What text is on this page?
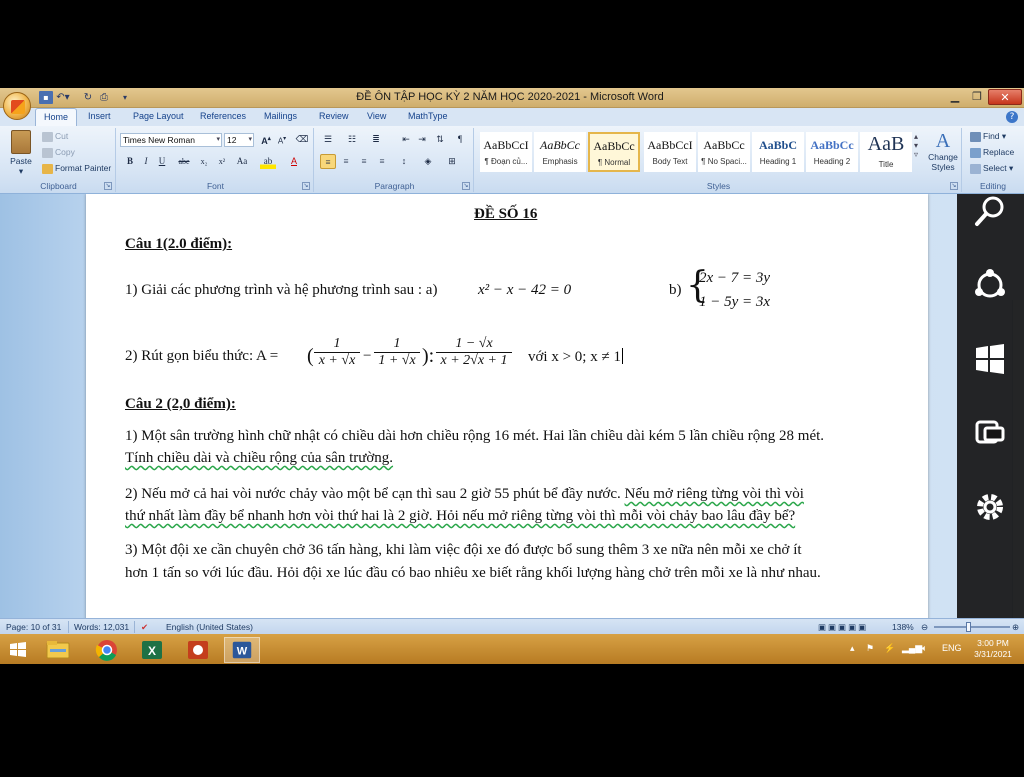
▪ ↶▾ ↻ ⎙	▾	ĐỀ ÔN TẬP HỌC KỲ 2 NĂM HỌC 2020-2021 - Microsoft Word	▁	❐	✕
Home	Insert Page Layout References Mailings Review View MathType	?
Paste
▾
Cut
Copy
Format Painter
Clipboard	↘
Times New Roman	▾ 12 ▾	A▴ A▾	⌫
B	I	U	abe	x₂	x²	Aa	ab	A
Font	↘
☰	☷	≣	⇤ ⇥	⇅	¶
≡	≡	≡	≡	↕	◈	⊞
Paragraph	↘
AaBbCcI
¶ Đoạn củ...
AaBbCc
Emphasis
AaBbCc
¶ Normal
AaBbCcI
Body Text
AaBbCc
¶ No Spaci...
AaBbC
Heading 1
AaBbCc
Heading 2
AaB
Title
▴
▾
▿
A
Change Styles
Styles	↘
Find ▾
Replace
Select ▾
Editing
ĐỀ SỐ 16
Câu 1(2.0 điểm):
1) Giải các phương trình và hệ phương trình sau : a)	x² − x − 42 = 0	b) {
2x − 7 = 3y
1 − 5y = 3x
2) Rút gọn biểu thức: A = ( $\frac{1}{x + √x} - \frac{1}{1 + √x}$ ): $\frac{1 - √x}{x + 2√x + 1}$ với x > 0; x ≠ 1
Câu 2 (2,0 điểm):
1) Một sân trường hình chữ nhật có chiều dài hơn chiều rộng 16 mét. Hai lần chiều dài kém 5 lần chiều rộng 28 mét.
Tính chiều dài và chiều rộng của sân trường.
2) Nếu mở cả hai vòi nước chảy vào một bể cạn thì sau 2 giờ 55 phút bể đầy nước. Nếu mở riêng từng vòi thì vòi
thứ nhất làm đầy bể nhanh hơn vòi thứ hai là 2 giờ. Hỏi nếu mở riêng từng vòi thì mỗi vòi chảy bao lâu đầy bể?
3) Một đội xe cần chuyên chở 36 tấn hàng, khi làm việc đội xe đó được bổ sung thêm 3 xe nữa nên mỗi xe chở ít
hơn 1 tấn so với lúc đầu. Hỏi đội xe lúc đầu có bao nhiêu xe biết rằng khối lượng hàng chở trên mỗi xe là như nhau.
Page: 10 of 31 Words: 12,031 ✔ English (United States)	▣▣▣▣▣	138% ⊖	⊕
X	W	▴ ⚑ ⚡ ▂▄▆ 🔈︎ ENG	3:00 PM
3/31/2021
